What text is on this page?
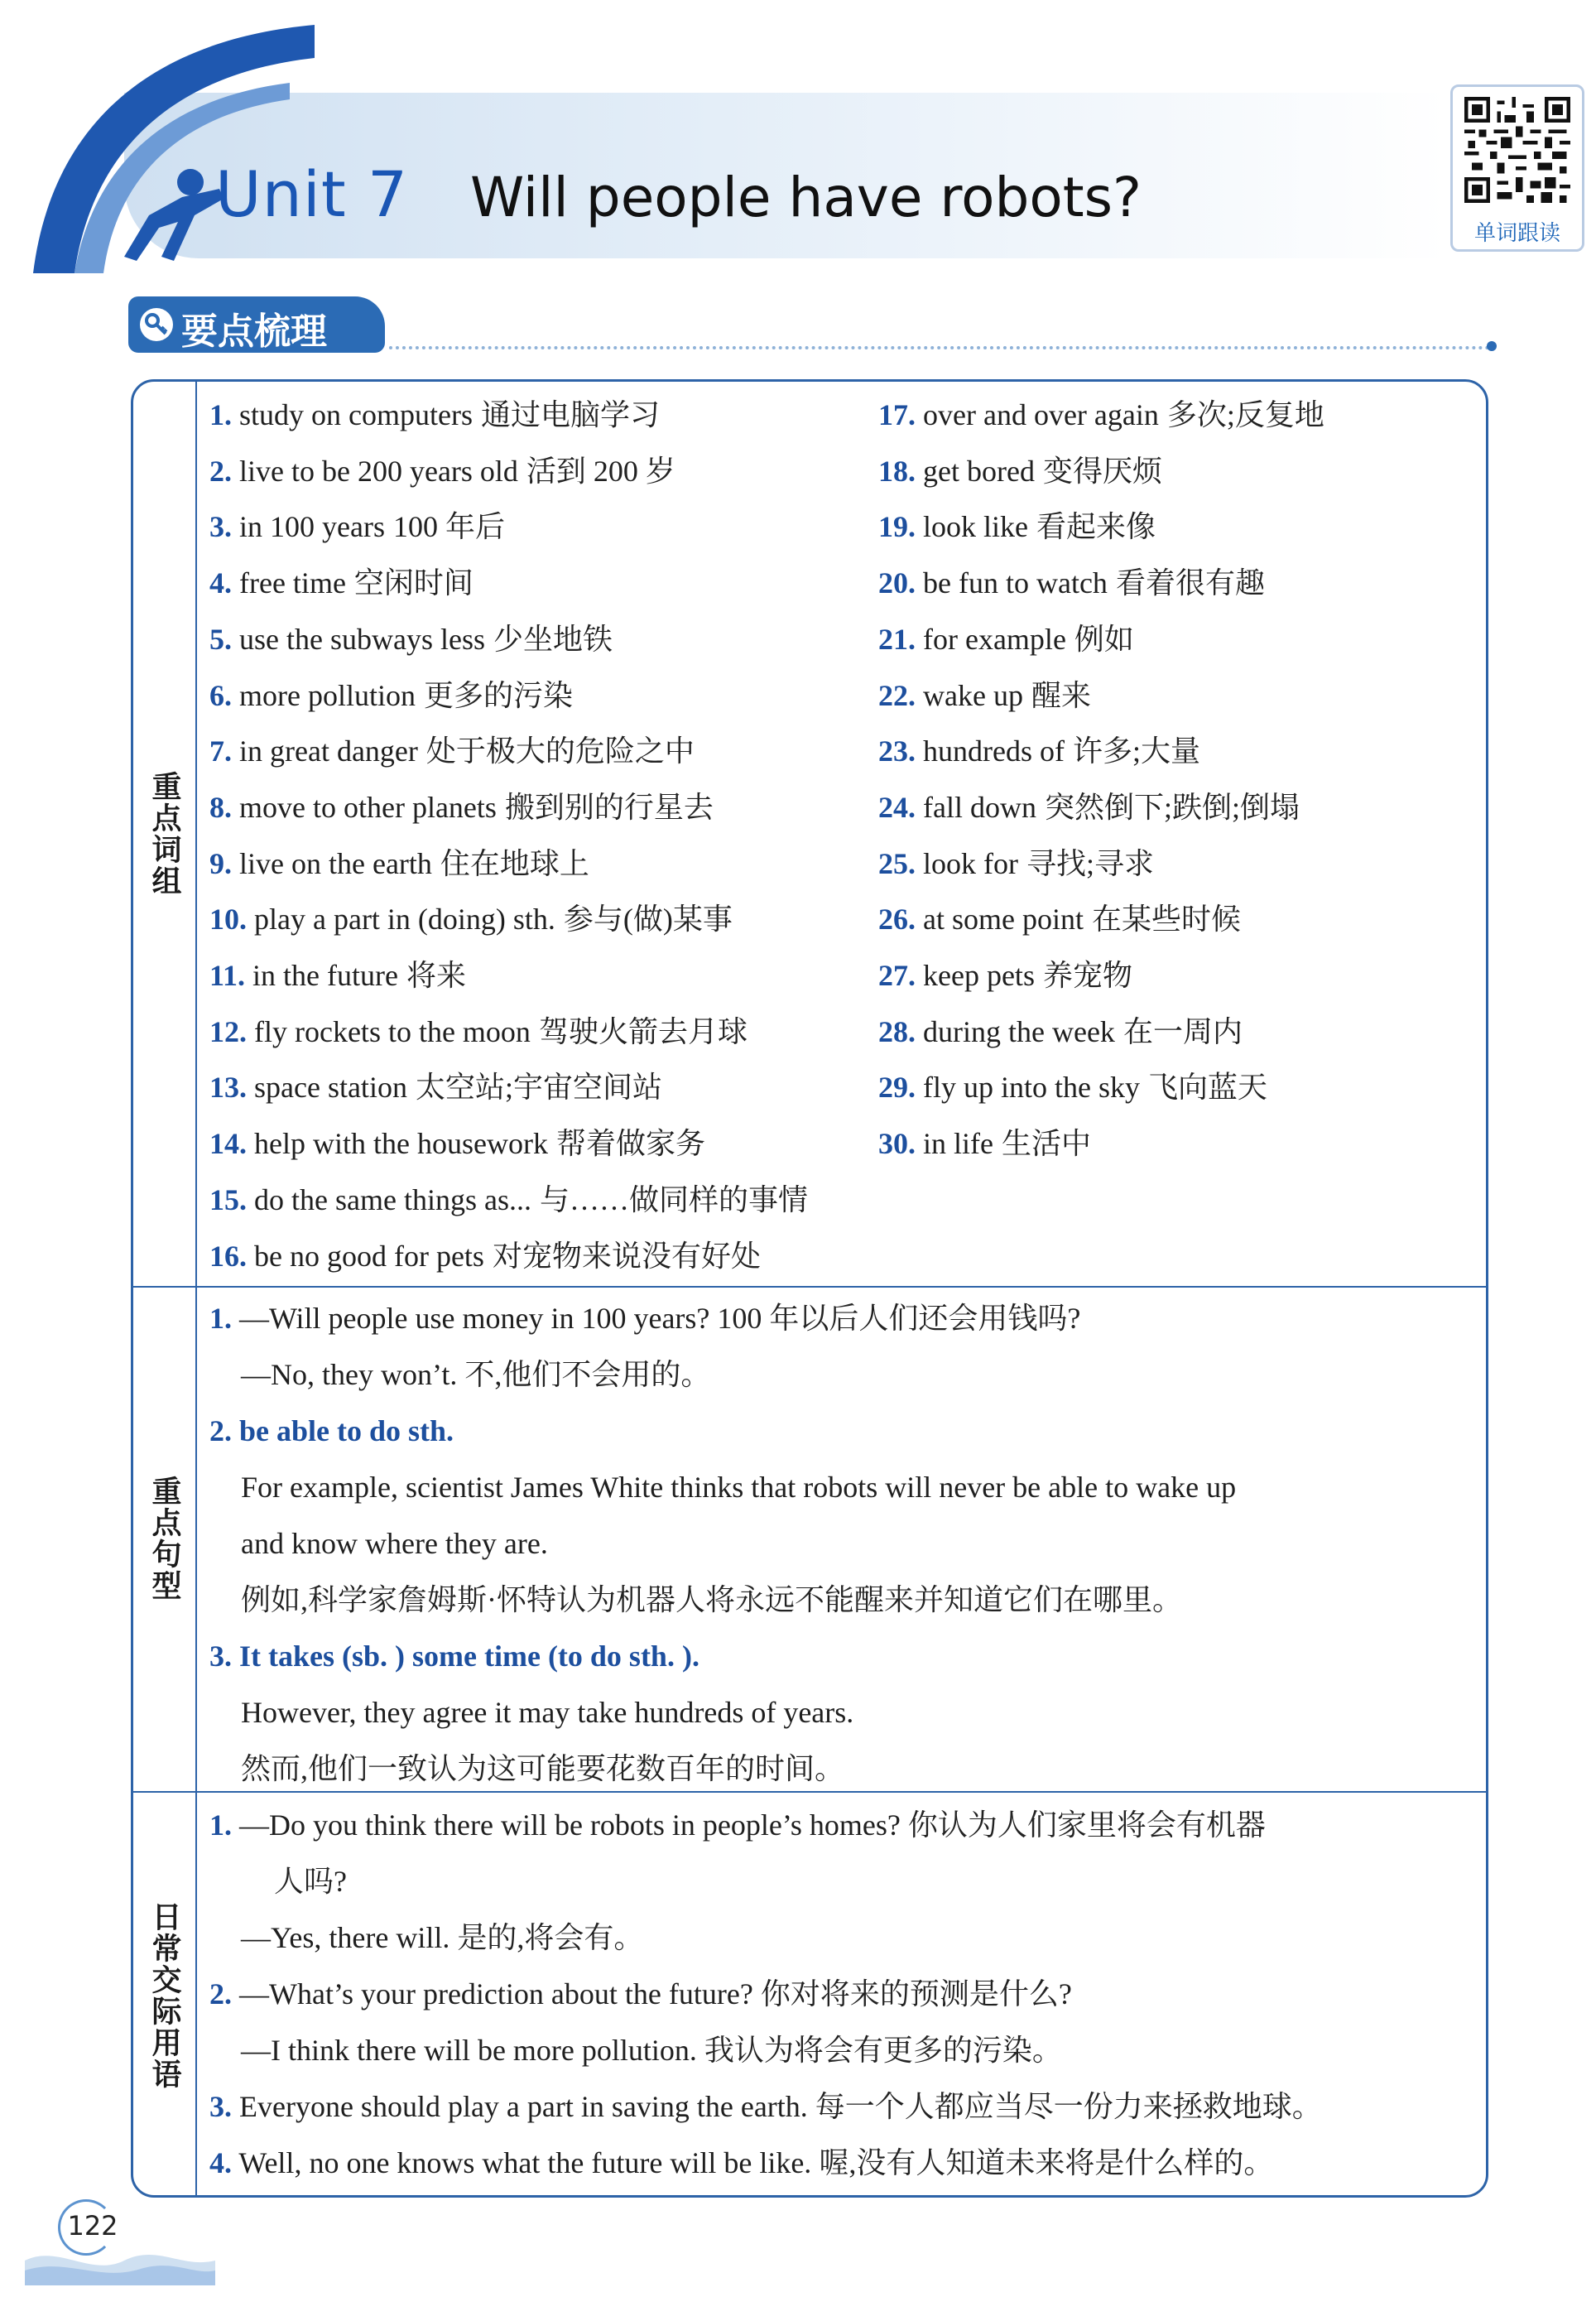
Unit 7 Will people have robots?
单词跟读
要点梳理
重点词组
重点句型
日常交际用语
1. study on computers 通过电脑学习
2. live to be 200 years old 活到 200 岁
3. in 100 years 100 年后
4. free time 空闲时间
5. use the subways less 少坐地铁
6. more pollution 更多的污染
7. in great danger 处于极大的危险之中
8. move to other planets 搬到别的行星去
9. live on the earth 住在地球上
10. play a part in (doing) sth. 参与(做)某事
11. in the future 将来
12. fly rockets to the moon 驾驶火箭去月球
13. space station 太空站;宇宙空间站
14. help with the housework 帮着做家务
15. do the same things as... 与……做同样的事情
16. be no good for pets 对宠物来说没有好处
17. over and over again 多次;反复地
18. get bored 变得厌烦
19. look like 看起来像
20. be fun to watch 看着很有趣
21. for example 例如
22. wake up 醒来
23. hundreds of 许多;大量
24. fall down 突然倒下;跌倒;倒塌
25. look for 寻找;寻求
26. at some point 在某些时候
27. keep pets 养宠物
28. during the week 在一周内
29. fly up into the sky 飞向蓝天
30. in life 生活中
1. —Will people use money in 100 years? 100 年以后人们还会用钱吗?
—No, they won’t. 不,他们不会用的。
2. be able to do sth.
For example, scientist James White thinks that robots will never be able to wake up
and know where they are.
例如,科学家詹姆斯·怀特认为机器人将永远不能醒来并知道它们在哪里。
3. It takes (sb. ) some time (to do sth. ).
However, they agree it may take hundreds of years.
然而,他们一致认为这可能要花数百年的时间。
1. —Do you think there will be robots in people’s homes? 你认为人们家里将会有机器
人吗?
—Yes, there will. 是的,将会有。
2. —What’s your prediction about the future? 你对将来的预测是什么?
—I think there will be more pollution. 我认为将会有更多的污染。
3. Everyone should play a part in saving the earth. 每一个人都应当尽一份力来拯救地球。
4. Well, no one knows what the future will be like. 喔,没有人知道未来将是什么样的。
122
